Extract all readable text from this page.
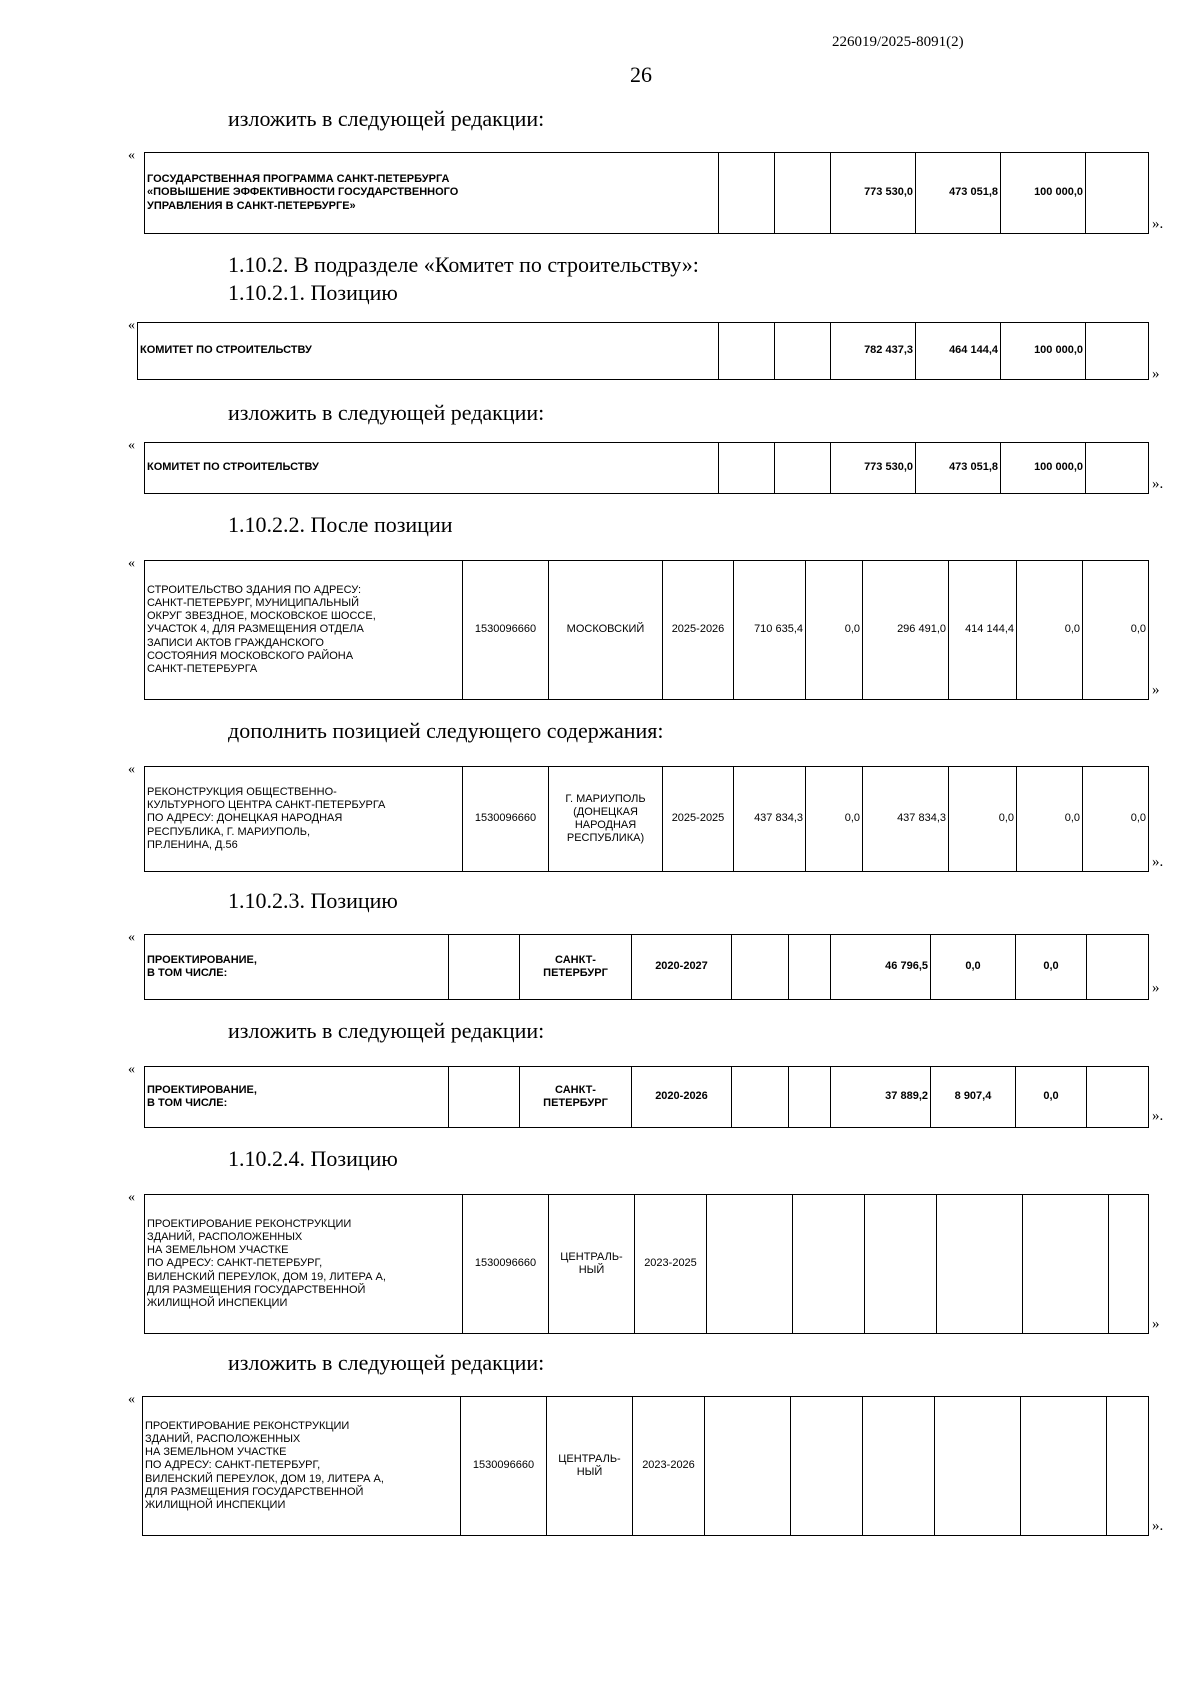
226019/2025-8091(2)
26
изложить в следующей редакции:
«
ГОСУДАРСТВЕННАЯ ПРОГРАММА САНКТ-ПЕТЕРБУРГА
«ПОВЫШЕНИЕ ЭФФЕКТИВНОСТИ ГОСУДАРСТВЕННОГО
УПРАВЛЕНИЯ В САНКТ-ПЕТЕРБУРГЕ»
			773 530,0	473 051,8	100 000,0	
».
1.10.2. В подразделе «Комитет по строительству»:
1.10.2.1. Позицию
«
КОМИТЕТ ПО СТРОИТЕЛЬСТВУ			782 437,3	464 144,4	100 000,0	
»
изложить в следующей редакции:
«
КОМИТЕТ ПО СТРОИТЕЛЬСТВУ			773 530,0	473 051,8	100 000,0	
».
1.10.2.2. После позиции
«
СТРОИТЕЛЬСТВО ЗДАНИЯ ПО АДРЕСУ:
САНКТ-ПЕТЕРБУРГ, МУНИЦИПАЛЬНЫЙ
ОКРУГ ЗВЕЗДНОЕ, МОСКОВСКОЕ ШОССЕ,
УЧАСТОК 4, ДЛЯ РАЗМЕЩЕНИЯ ОТДЕЛА
ЗАПИСИ АКТОВ ГРАЖДАНСКОГО
СОСТОЯНИЯ МОСКОВСКОГО РАЙОНА
САНКТ-ПЕТЕРБУРГА
	1530096660	МОСКОВСКИЙ	2025-2026	710 635,4	0,0	296 491,0	414 144,4	0,0	0,0
»
дополнить позицией следующего содержания:
«
РЕКОНСТРУКЦИЯ ОБЩЕСТВЕННО-
КУЛЬТУРНОГО ЦЕНТРА САНКТ-ПЕТЕРБУРГА
ПО АДРЕСУ: ДОНЕЦКАЯ НАРОДНАЯ
РЕСПУБЛИКА, Г. МАРИУПОЛЬ,
ПР.ЛЕНИНА, Д.56
	1530096660	
Г. МАРИУПОЛЬ
(ДОНЕЦКАЯ
НАРОДНАЯ
РЕСПУБЛИКА)
	2025-2025	437 834,3	0,0	437 834,3	0,0	0,0	0,0
».
1.10.2.3. Позицию
«
ПРОЕКТИРОВАНИЕ,
В ТОМ ЧИСЛЕ:

САНКТ-
ПЕТЕРБУРГ
	2020-2027			46 796,5	0,0	0,0	
»
изложить в следующей редакции:
«
ПРОЕКТИРОВАНИЕ,
В ТОМ ЧИСЛЕ:

САНКТ-
ПЕТЕРБУРГ
	2020-2026			37 889,2	8 907,4	0,0	
».
1.10.2.4. Позицию
«
ПРОЕКТИРОВАНИЕ РЕКОНСТРУКЦИИ
ЗДАНИЙ, РАСПОЛОЖЕННЫХ
НА ЗЕМЕЛЬНОМ УЧАСТКЕ
ПО АДРЕСУ: САНКТ-ПЕТЕРБУРГ,
ВИЛЕНСКИЙ ПЕРЕУЛОК, ДОМ 19, ЛИТЕРА А,
ДЛЯ РАЗМЕЩЕНИЯ ГОСУДАРСТВЕННОЙ
ЖИЛИЩНОЙ ИНСПЕКЦИИ
	1530096660	
ЦЕНТРАЛЬ-
НЫЙ
	2023-2025						
»
изложить в следующей редакции:
«
ПРОЕКТИРОВАНИЕ РЕКОНСТРУКЦИИ
ЗДАНИЙ, РАСПОЛОЖЕННЫХ
НА ЗЕМЕЛЬНОМ УЧАСТКЕ
ПО АДРЕСУ: САНКТ-ПЕТЕРБУРГ,
ВИЛЕНСКИЙ ПЕРЕУЛОК, ДОМ 19, ЛИТЕРА А,
ДЛЯ РАЗМЕЩЕНИЯ ГОСУДАРСТВЕННОЙ
ЖИЛИЩНОЙ ИНСПЕКЦИИ
	1530096660	
ЦЕНТРАЛЬ-
НЫЙ
	2023-2026						
».
